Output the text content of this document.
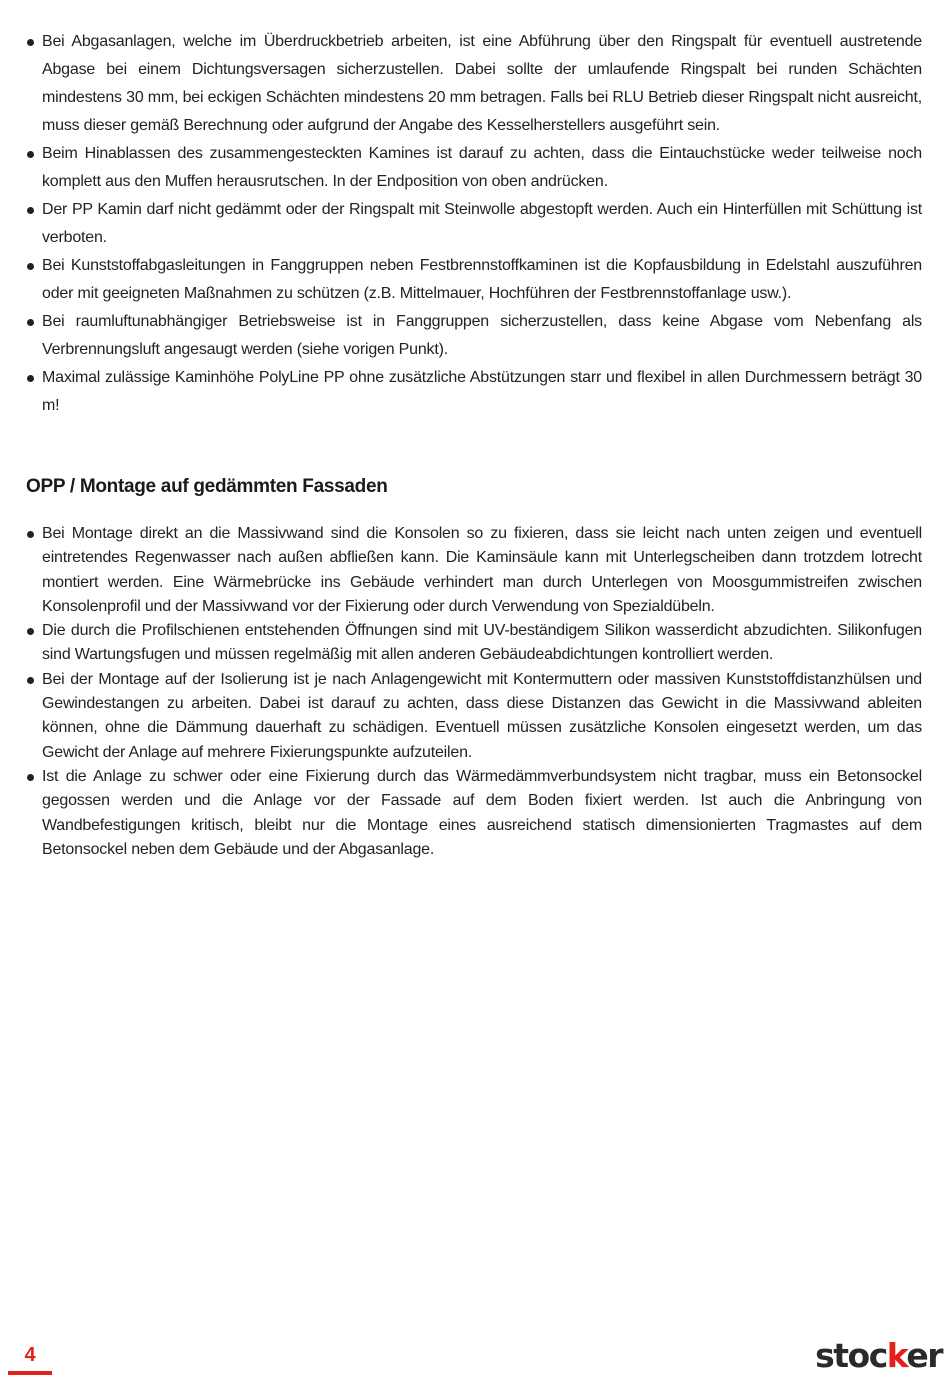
Bei Abgasanlagen, welche im Überdruckbetrieb arbeiten, ist eine Abführung über den Ringspalt für eventuell austretende Abgase bei einem Dichtungsversagen sicherzustellen. Dabei sollte der umlaufende Ringspalt bei runden Schächten mindestens 30 mm, bei eckigen Schächten mindestens 20 mm betragen. Falls bei RLU Betrieb dieser Ringspalt nicht ausreicht, muss dieser gemäß Berechnung oder aufgrund der Angabe des Kesselherstellers ausgeführt sein.
Beim Hinablassen des zusammengesteckten Kamines ist darauf zu achten, dass die Eintauchstücke weder teilweise noch komplett aus den Muffen herausrutschen. In der Endposition von oben andrücken.
Der PP Kamin darf nicht gedämmt oder der Ringspalt mit Steinwolle abgestopft werden. Auch ein Hinterfüllen mit Schüttung ist verboten.
Bei Kunststoffabgasleitungen in Fanggruppen neben Festbrennstoffkaminen ist die Kopfausbildung in Edelstahl auszuführen oder mit geeigneten Maßnahmen zu schützen (z.B. Mittelmauer, Hochführen der Festbrennstoffanlage usw.).
Bei raumluftunabhängiger Betriebsweise ist in Fanggruppen sicherzustellen, dass keine Abgase vom Nebenfang als Verbrennungsluft angesaugt werden (siehe vorigen Punkt).
Maximal zulässige Kaminhöhe PolyLine PP ohne zusätzliche Abstützungen starr und flexibel in allen Durchmessern beträgt 30 m!
OPP / Montage auf gedämmten Fassaden
Bei Montage direkt an die Massivwand sind die Konsolen so zu fixieren, dass sie leicht nach unten zeigen und eventuell eintretendes Regenwasser nach außen abfließen kann. Die Kaminsäule kann mit Unterlegscheiben dann trotzdem lotrecht montiert werden. Eine Wärmebrücke ins Gebäude verhindert man durch Unterlegen von Moosgummistreifen zwischen Konsolenprofil und der Massivwand vor der Fixierung oder durch Verwendung von Spezialdübeln.
Die durch die Profilschienen entstehenden Öffnungen sind mit UV-beständigem Silikon wasserdicht abzudichten. Silikonfugen sind Wartungsfugen und müssen regelmäßig mit allen anderen Gebäudeabdichtungen kontrolliert werden.
Bei der Montage auf der Isolierung ist je nach Anlagengewicht mit Kontermuttern oder massiven Kunststoffdistanzhülsen und Gewindestangen zu arbeiten. Dabei ist darauf zu achten, dass diese Distanzen das Gewicht in die Massivwand ableiten können, ohne die Dämmung dauerhaft zu schädigen. Eventuell müssen zusätzliche Konsolen eingesetzt werden, um das Gewicht der Anlage auf mehrere Fixierungspunkte aufzuteilen.
Ist die Anlage zu schwer oder eine Fixierung durch das Wärmedämmverbundsystem nicht tragbar, muss ein Betonsockel gegossen werden und die Anlage vor der Fassade auf dem Boden fixiert werden. Ist auch die Anbringung von Wandbefestigungen kritisch, bleibt nur die Montage eines ausreichend statisch dimensionierten Tragmastes auf dem Betonsockel neben dem Gebäude und der Abgasanlage.
4	stocker
